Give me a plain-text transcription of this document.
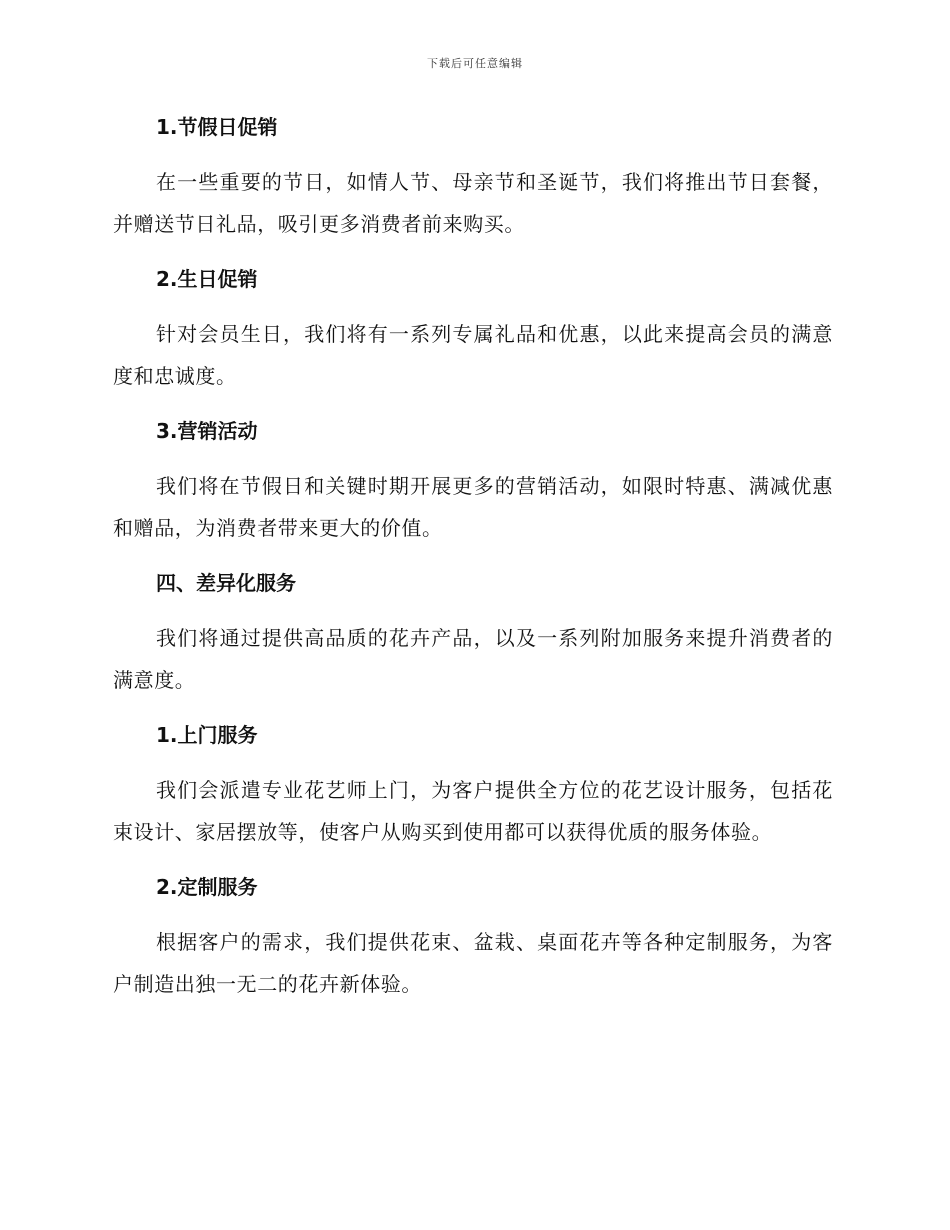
下载后可任意编辑
1.节假日促销

在一些重要的节日，如情人节、母亲节和圣诞节，我们将推出节日套餐，并赠送节日礼品，吸引更多消费者前来购买。

2.生日促销

针对会员生日，我们将有一系列专属礼品和优惠，以此来提高会员的满意度和忠诚度。

3.营销活动

我们将在节假日和关键时期开展更多的营销活动，如限时特惠、满减优惠和赠品，为消费者带来更大的价值。

四、差异化服务

我们将通过提供高品质的花卉产品，以及一系列附加服务来提升消费者的满意度。

1.上门服务

我们会派遣专业花艺师上门，为客户提供全方位的花艺设计服务，包括花束设计、家居摆放等，使客户从购买到使用都可以获得优质的服务体验。

2.定制服务

根据客户的需求，我们提供花束、盆栽、桌面花卉等各种定制服务，为客户制造出独一无二的花卉新体验。
